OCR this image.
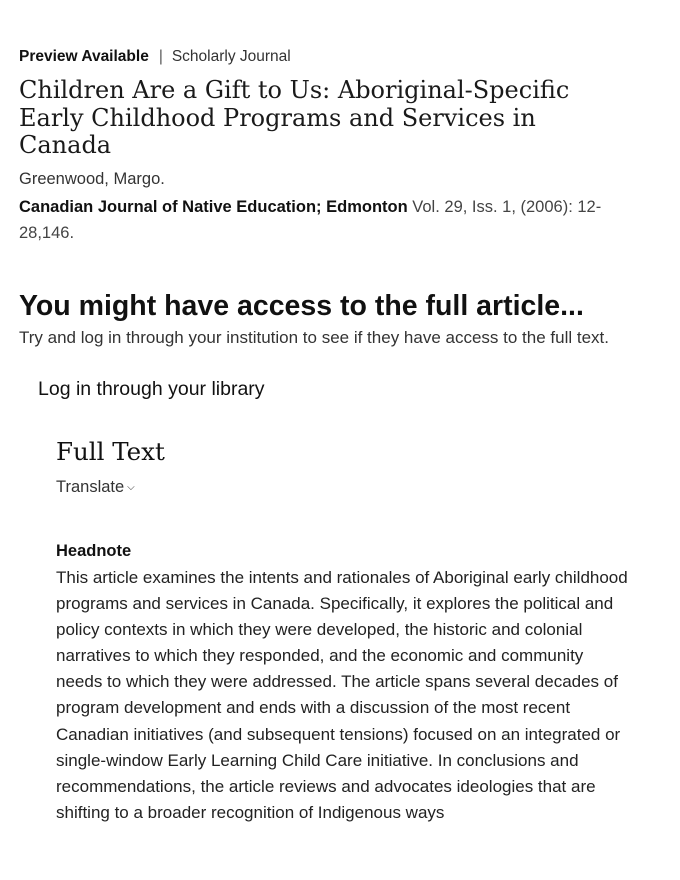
Preview Available | Scholarly Journal
Children Are a Gift to Us: Aboriginal-Specific Early Childhood Programs and Services in Canada
Greenwood, Margo.
Canadian Journal of Native Education; Edmonton Vol. 29, Iss. 1, (2006): 12-28,146.
You might have access to the full article...
Try and log in through your institution to see if they have access to the full text.
Log in through your library
Full Text
Translate ⌵
Headnote

This article examines the intents and rationales of Aboriginal early childhood programs and services in Canada. Specifically, it explores the political and policy contexts in which they were developed, the historic and colonial narratives to which they responded, and the economic and community needs to which they were addressed. The article spans several decades of program development and ends with a discussion of the most recent Canadian initiatives (and subsequent tensions) focused on an integrated or single-window Early Learning Child Care initiative. In conclusions and recommendations, the article reviews and advocates ideologies that are shifting to a broader recognition of Indigenous ways
